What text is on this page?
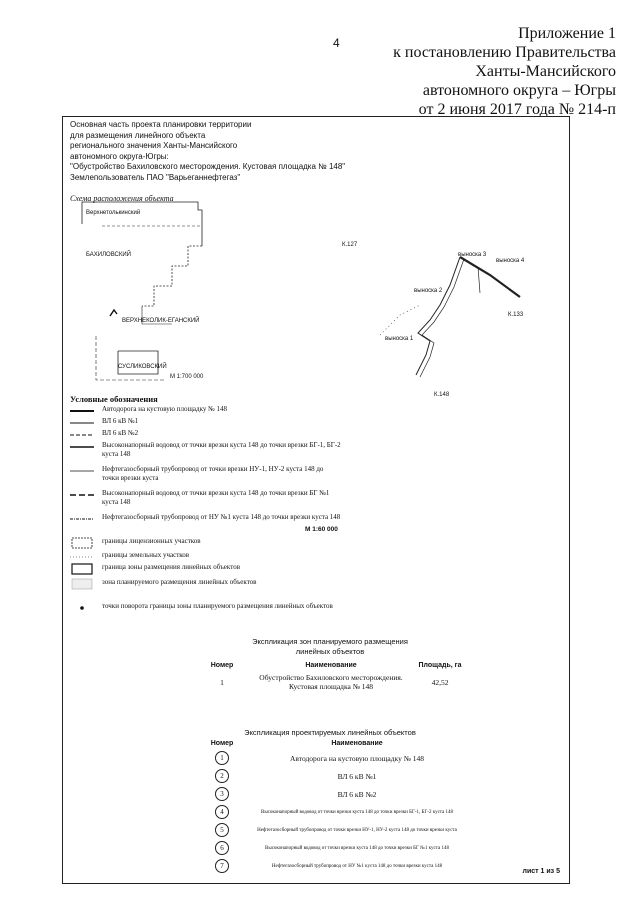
4
Приложение 1
к постановлению Правительства
Ханты-Мансийского
автономного округа – Югры
от 2 июня 2017 года № 214-п
Основная часть проекта планировки территории
для размещения линейного объекта
регионального значения Ханты-Мансийского
автономного округа-Югры:
"Обустройство Бахиловского месторождения. Кустовая площадка № 148"
Землепользователь ПАО "Варьеганнефтегаз"
Схема расположения объекта
Верхнетолькинский
БАХИЛОВСКИЙ
ВЕРХНЕКОЛИК-ЕГАНСКИЙ
СУСЛИКОВСКИЙ
М 1:700 000
К.127
К.133
К.148
выноска 1
выноска 2
выноска 3
выноска 4
Условные обозначения
Автодорога на кустовую площадку № 148
ВЛ 6 кВ №1
ВЛ 6 кВ №2
Высоконапорный водовод от точки врезки куста 148 до точки врезки БГ-1, БГ-2 куста 148
Нефтегазосборный трубопровод от точки врезки НУ-1, НУ-2 куста 148 до точки врезки куста
Высоконапорный водовод от точки врезки куста 148 до точки врезки БГ №1 куста 148
Нефтегазосборный трубопровод от НУ №1 куста 148 до точки врезки куста 148
границы лицензионных участков
границы земельных участков
граница зоны размещения линейных объектов
зона планируемого размещения линейных объектов
точки поворота границы зоны планируемого размещения линейных объектов
М 1:60 000
Экспликация зон планируемого размещения
линейных объектов
Номер	Наименование	Площадь, га
1	Обустройство Бахиловского месторождения. Кустовая площадка № 148	42,52
Экспликация проектируемых линейных объектов
Номер	Наименование
1	Автодорога на кустовую площадку № 148
2	ВЛ 6 кВ №1
3	ВЛ 6 кВ №2
4	Высоконапорный водовод от точки врезки куста 148 до точки врезки БГ-1, БГ-2 куста 148
5	Нефтегазосборный трубопровод от точки врезки НУ-1, НУ-2 куста 148 до точки врезки куста
6	Высоконапорный водовод от точки врезки куста 148 до точки врезки БГ №1 куста 148
7	Нефтегазосборный трубопровод от НУ №1 куста 148 до точки врезки куста 148
лист 1 из 5
